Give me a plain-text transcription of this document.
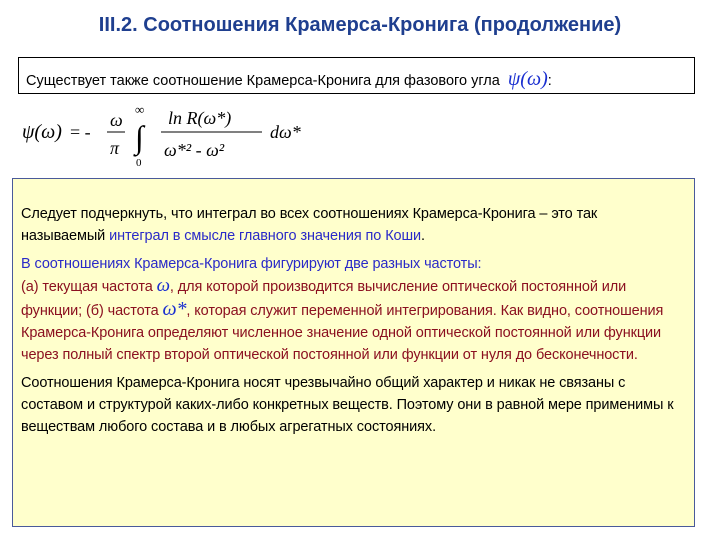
III.2. Соотношения Крамерса-Кронига (продолжение)
Существует также соотношение Крамерса-Кронига для фазового угла ψ(ω):
ψ(ω) = -
ω
π
∞
∫
0
ln R(ω*)
ω*² - ω²
dω*

Следует подчеркнуть, что интеграл во всех соотношениях Крамерса-Кронига – это так называемый интеграл в смысле главного значения по Коши.

В соотношениях Крамерса-Кронига фигурируют две разных частоты:

(а) текущая частота ω, для которой производится вычисление оптической постоянной или функции; (б) частота ω*, которая служит переменной интегрирования. Как видно, соотношения Крамерса-Кронига определяют численное значение одной оптической постоянной или функции через полный спектр второй оптической постоянной или функции от нуля до бесконечности.

Соотношения Крамерса-Кронига носят чрезвычайно общий характер и никак не связаны с составом и структурой каких-либо конкретных веществ. Поэтому они в равной мере применимы к веществам любого состава и в любых агрегатных состояниях.
